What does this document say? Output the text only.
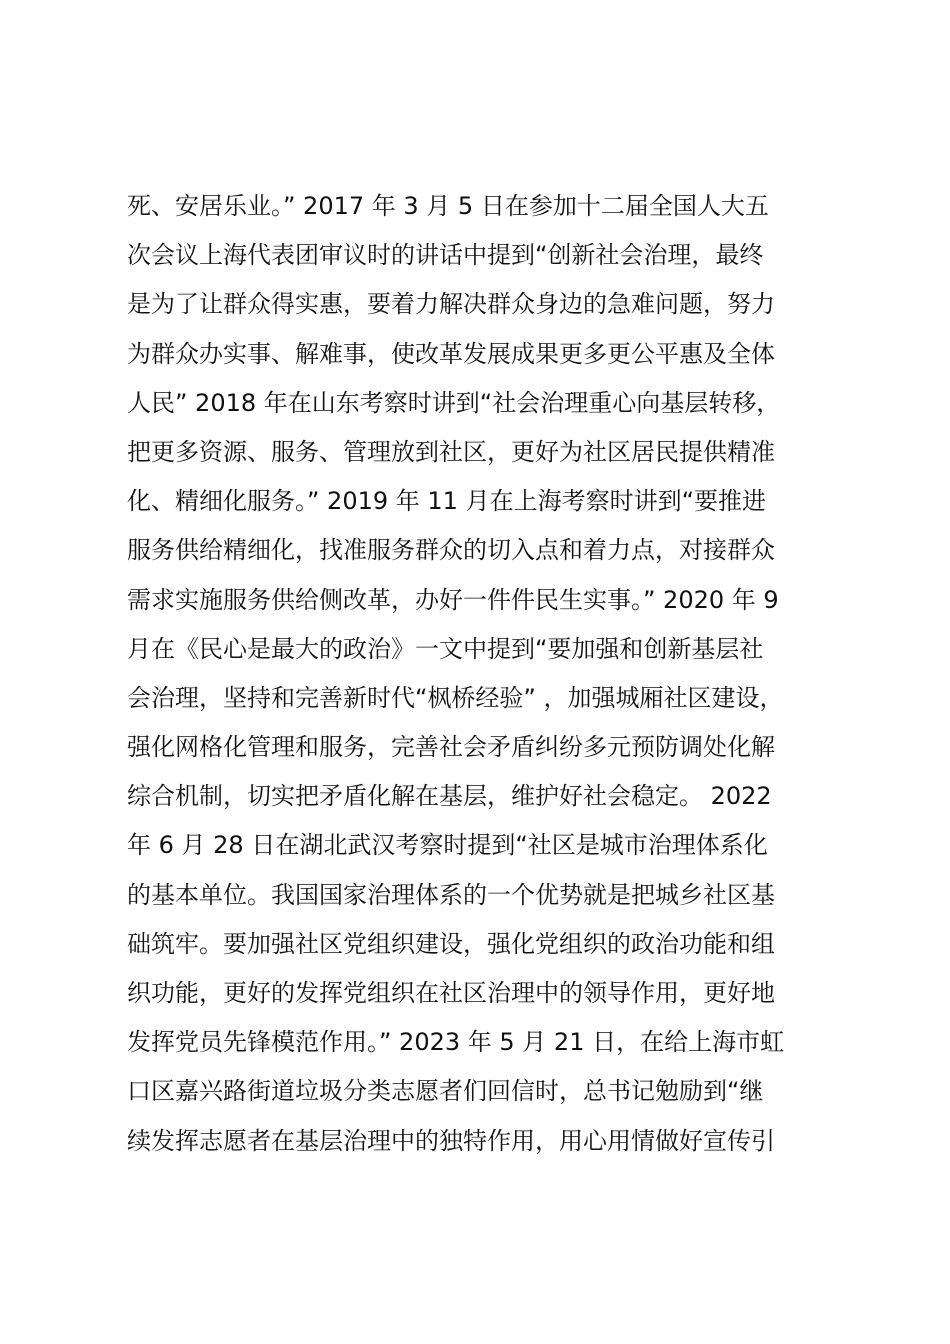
死、安居乐业。” 2017 年 3 月 5 日在参加十二届全国人大五
次会议上海代表团审议时的讲话中提到“创新社会治理，最终
是为了让群众得实惠，要着力解决群众身边的急难问题，努力
为群众办实事、解难事，使改革发展成果更多更公平惠及全体
人民” 2018 年在山东考察时讲到“社会治理重心向基层转移，
把更多资源、服务、管理放到社区，更好为社区居民提供精准
化、精细化服务。” 2019 年 11 月在上海考察时讲到“要推进
服务供给精细化，找准服务群众的切入点和着力点，对接群众
需求实施服务供给侧改革，办好一件件民生实事。” 2020 年 9
月在《民心是最大的政治》一文中提到“要加强和创新基层社
会治理，坚持和完善新时代“枫桥经验” ，加强城厢社区建设，
强化网格化管理和服务，完善社会矛盾纠纷多元预防调处化解
综合机制，切实把矛盾化解在基层，维护好社会稳定。 2022
年 6 月 28 日在湖北武汉考察时提到“社区是城市治理体系化
的基本单位。我国国家治理体系的一个优势就是把城乡社区基
础筑牢。要加强社区党组织建设，强化党组织的政治功能和组
织功能，更好的发挥党组织在社区治理中的领导作用，更好地
发挥党员先锋模范作用。” 2023 年 5 月 21 日，在给上海市虹
口区嘉兴路街道垃圾分类志愿者们回信时，总书记勉励到“继
续发挥志愿者在基层治理中的独特作用，用心用情做好宣传引
